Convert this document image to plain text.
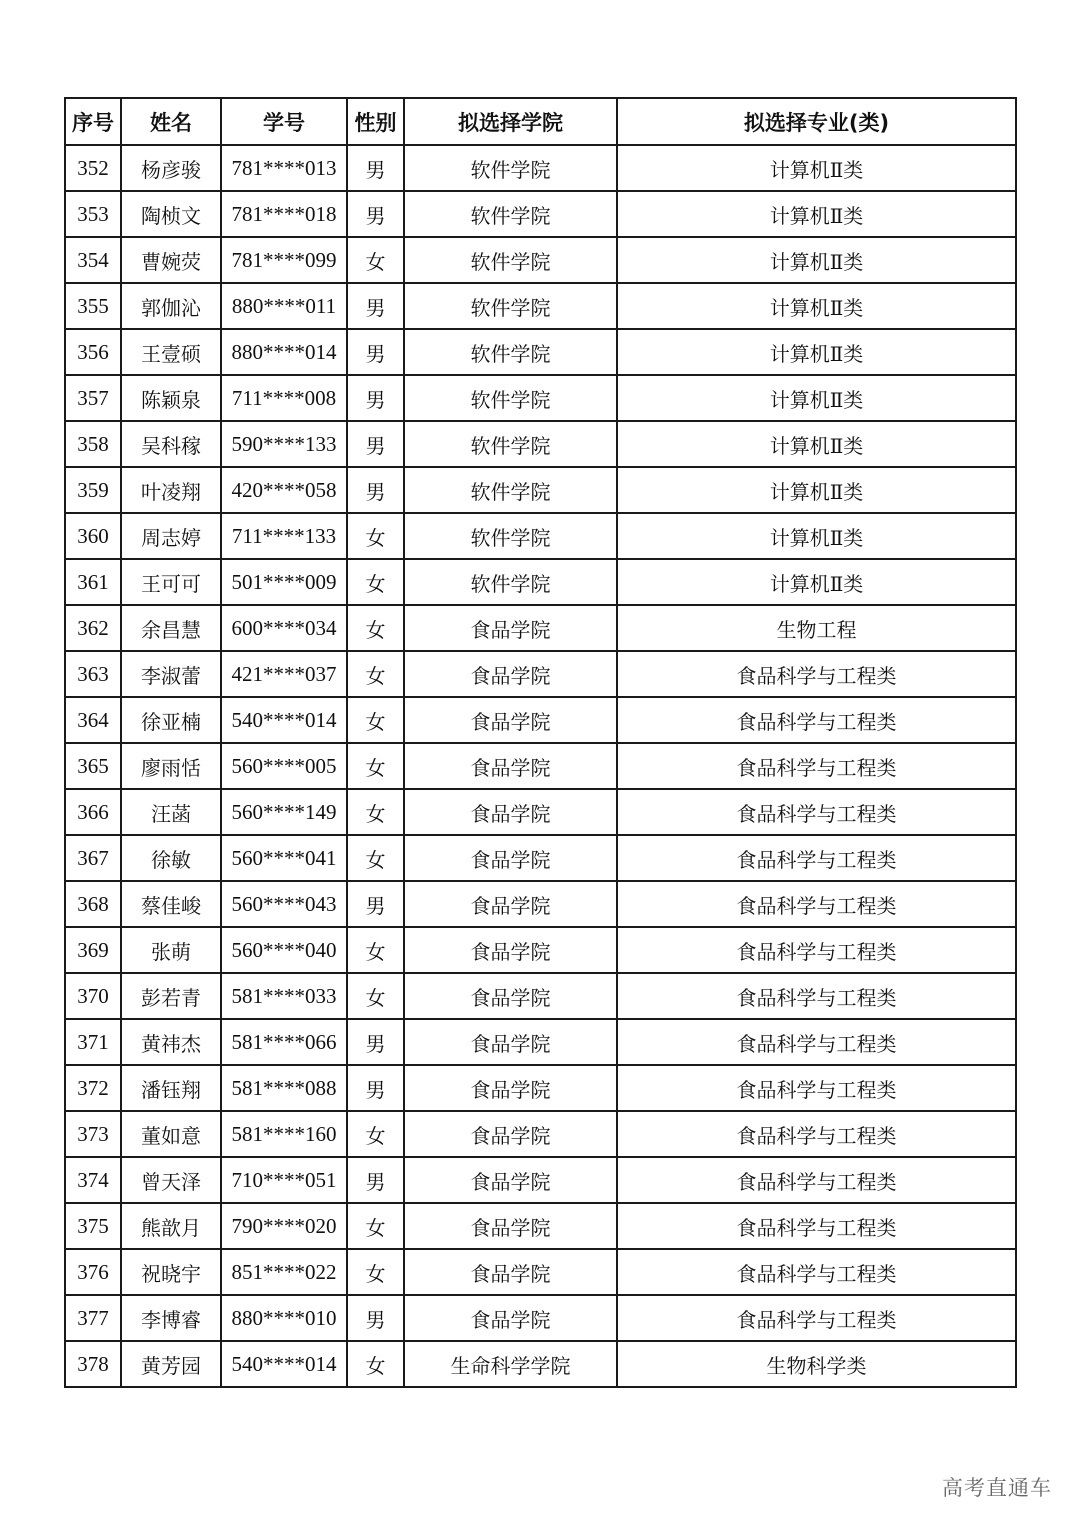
序号	姓名	学号	性别	拟选择学院	拟选择专业(类)
352	杨彦骏	781****013	男	软件学院	计算机Ⅱ类
353	陶桢文	781****018	男	软件学院	计算机Ⅱ类
354	曹婉荧	781****099	女	软件学院	计算机Ⅱ类
355	郭伽沁	880****011	男	软件学院	计算机Ⅱ类
356	王壹硕	880****014	男	软件学院	计算机Ⅱ类
357	陈颖泉	711****008	男	软件学院	计算机Ⅱ类
358	吴科稼	590****133	男	软件学院	计算机Ⅱ类
359	叶凌翔	420****058	男	软件学院	计算机Ⅱ类
360	周志婷	711****133	女	软件学院	计算机Ⅱ类
361	王可可	501****009	女	软件学院	计算机Ⅱ类
362	余昌慧	600****034	女	食品学院	生物工程
363	李淑蕾	421****037	女	食品学院	食品科学与工程类
364	徐亚楠	540****014	女	食品学院	食品科学与工程类
365	廖雨恬	560****005	女	食品学院	食品科学与工程类
366	汪菡	560****149	女	食品学院	食品科学与工程类
367	徐敏	560****041	女	食品学院	食品科学与工程类
368	蔡佳峻	560****043	男	食品学院	食品科学与工程类
369	张萌	560****040	女	食品学院	食品科学与工程类
370	彭若青	581****033	女	食品学院	食品科学与工程类
371	黄祎杰	581****066	男	食品学院	食品科学与工程类
372	潘钰翔	581****088	男	食品学院	食品科学与工程类
373	董如意	581****160	女	食品学院	食品科学与工程类
374	曾天泽	710****051	男	食品学院	食品科学与工程类
375	熊歆月	790****020	女	食品学院	食品科学与工程类
376	祝晓宇	851****022	女	食品学院	食品科学与工程类
377	李博睿	880****010	男	食品学院	食品科学与工程类
378	黄芳园	540****014	女	生命科学学院	生物科学类
高考直通车
